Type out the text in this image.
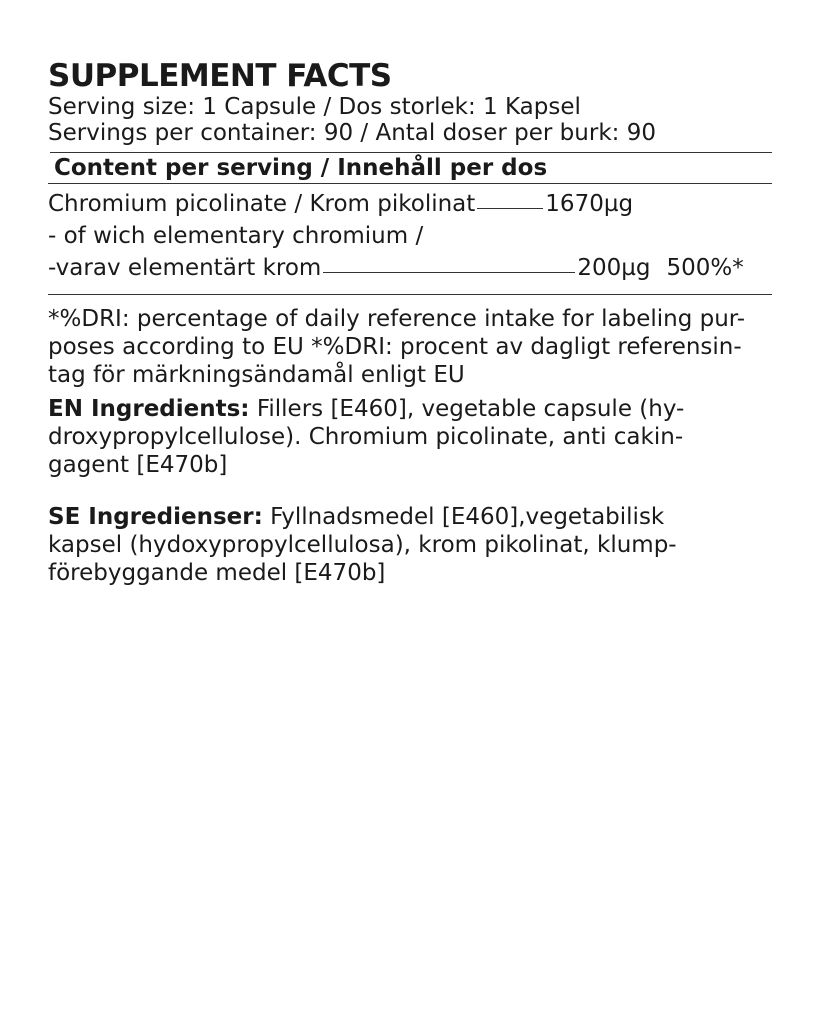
SUPPLEMENT FACTS
Serving size: 1 Capsule / Dos storlek: 1 Kapsel
Servings per container: 90 / Antal doser per burk: 90
Content per serving / Innehåll per dos
Chromium picolinate / Krom pikolinat	1670µg
- of wich elementary chromium /
-varav elementärt krom	200µg 500%*

*%DRI: percentage of daily reference intake for labeling pur-
poses according to EU *%DRI: procent av dagligt referensin-
tag för märkningsändamål enligt EU

EN Ingredients: Fillers [E460], vegetable capsule (hy-
droxypropylcellulose). Chromium picolinate, anti cakin-
gagent [E470b]

SE Ingredienser: Fyllnadsmedel [E460],vegetabilisk
kapsel (hydoxypropylcellulosa), krom pikolinat, klump-
förebyggande medel [E470b]
